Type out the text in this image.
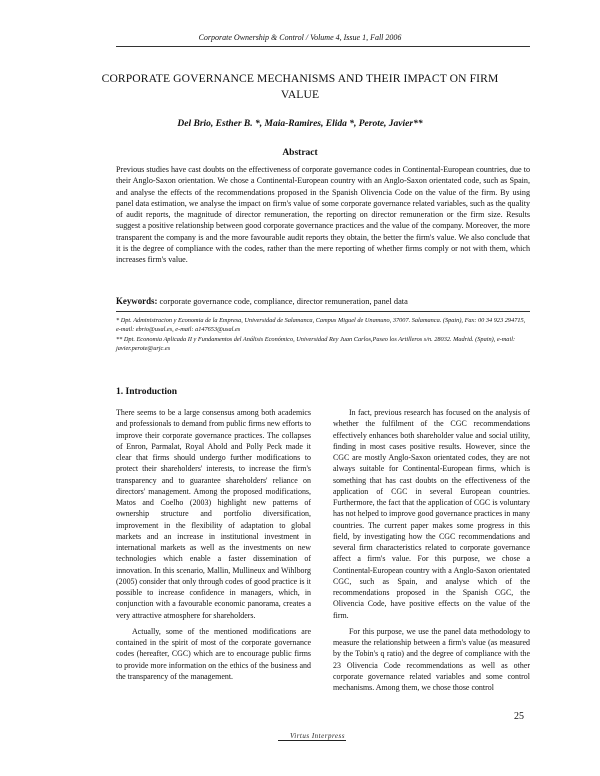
Corporate Ownership & Control / Volume 4, Issue 1, Fall 2006
CORPORATE GOVERNANCE MECHANISMS AND THEIR IMPACT ON FIRM VALUE
Del Brio, Esther B. *, Maia-Ramires, Elida *, Perote, Javier**
Abstract
Previous studies have cast doubts on the effectiveness of corporate governance codes in Continental-European countries, due to their Anglo-Saxon orientation. We chose a Continental-European country with an Anglo-Saxon orientated code, such as Spain, and analyse the effects of the recommendations proposed in the Spanish Olivencia Code on the value of the firm. By using panel data estimation, we analyse the impact on firm's value of some corporate governance related variables, such as the quality of audit reports, the magnitude of director remuneration, the reporting on director remuneration or the firm size. Results suggest a positive relationship between good corporate governance practices and the value of the company. Moreover, the more transparent the company is and the more favourable audit reports they obtain, the better the firm's value. We also conclude that it is the degree of compliance with the codes, rather than the mere reporting of whether firms comply or not with them, which increases firm's value.
Keywords: corporate governance code, compliance, director remuneration, panel data

* Dpt. Administracion y Economia de la Empresa, Universidad de Salamanca, Campus Miguel de Unamuno, 37007. Salamanca. (Spain), Fax: 00 34 923 294715, e-mail: ebrio@usal.es, e-mail: a147653@usal.es

** Dpt. Economia Aplicada II y Fundamentos del Análisis Económico, Universidad Rey Juan Carlos,Paseo los Artilleros s/n. 28032. Madrid. (Spain), e-mail: javier.perote@urjc.es

1. Introduction

There seems to be a large consensus among both academics and professionals to demand from public firms new efforts to improve their corporate governance practices. The collapses of Enron, Parmalat, Royal Ahold and Polly Peck made it clear that firms should undergo further modifications to protect their shareholders' interests, to increase the firm's transparency and to guarantee shareholders' reliance on directors' management. Among the proposed modifications, Matos and Coelho (2003) highlight new patterns of ownership structure and portfolio diversification, improvement in the flexibility of adaptation to global markets and an increase in institutional investment in international markets as well as the investments on new technologies which enable a faster dissemination of innovation. In this scenario, Mallin, Mullineux and Wihlborg (2005) consider that only through codes of good practice is it possible to increase confidence in managers, which, in conjunction with a favourable economic panorama, creates a very attractive atmosphere for shareholders.

Actually, some of the mentioned modifications are contained in the spirit of most of the corporate governance codes (hereafter, CGC) which are to encourage public firms to provide more information on the ethics of the business and the transparency of the management.

In fact, previous research has focused on the analysis of whether the fulfilment of the CGC recommendations effectively enhances both shareholder value and social utility, finding in most cases positive results. However, since the CGC are mostly Anglo-Saxon orientated codes, they are not always suitable for Continental-European firms, which is something that has cast doubts on the effectiveness of the application of CGC in several European countries. Furthermore, the fact that the application of CGC is voluntary has not helped to improve good governance practices in many countries. The current paper makes some progress in this field, by investigating how the CGC recommendations and several firm characteristics related to corporate governance affect a firm's value. For this purpose, we chose a Continental-European country with a Anglo-Saxon orientated CGC, such as Spain, and analyse which of the recommendations proposed in the Spanish CGC, the Olivencia Code, have positive effects on the value of the firm.

For this purpose, we use the panel data methodology to measure the relationship between a firm's value (as measured by the Tobin's q ratio) and the degree of compliance with the 23 Olivencia Code recommendations as well as other corporate governance related variables and some control mechanisms. Among them, we chose those control

25
Virtus Interpress
